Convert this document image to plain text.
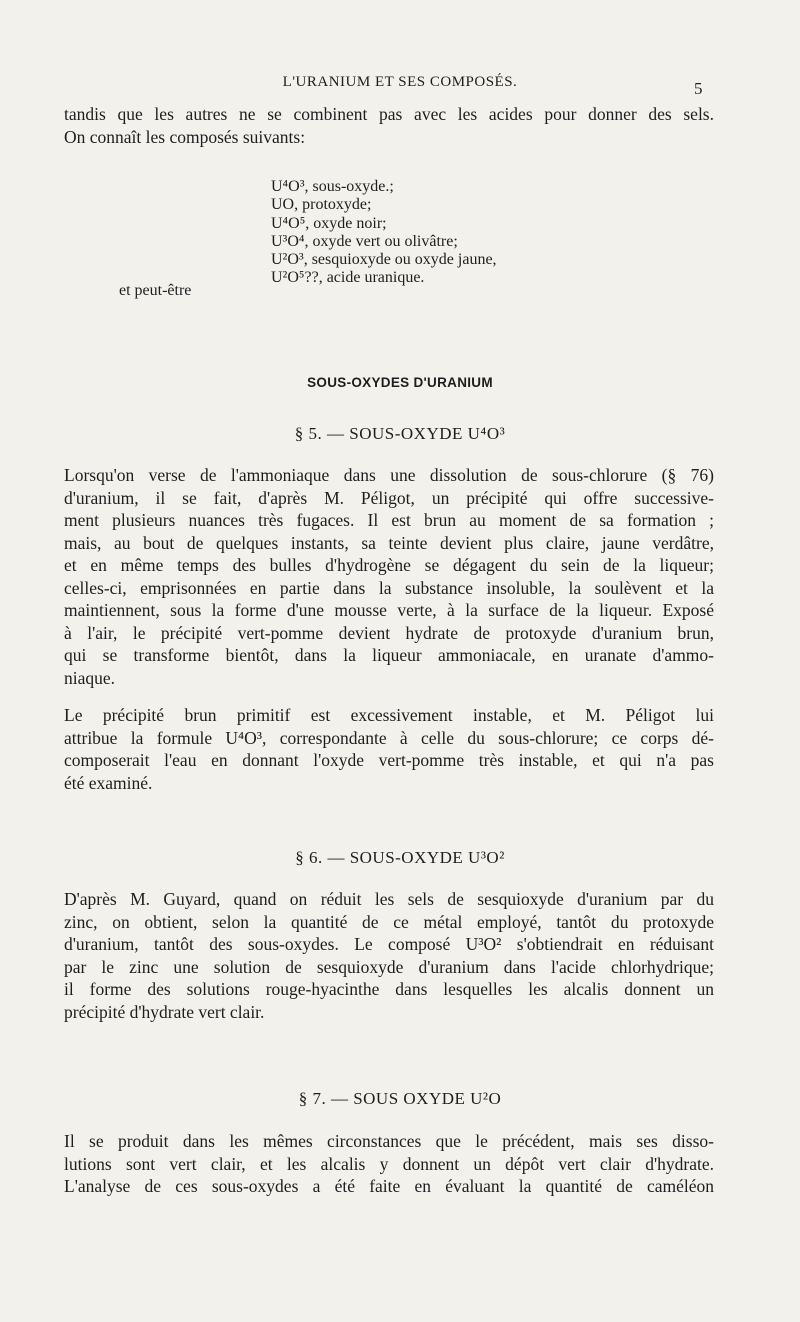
L'URANIUM ET SES COMPOSÉS.	5
tandis que les autres ne se combinent pas avec les acides pour donner des sels.
On connaît les composés suivants:
U⁴O³, sous-oxyde.;
UO, protoxyde;
U⁴O⁵, oxyde noir;
U³O⁴, oxyde vert ou olivâtre;
U²O³, sesquioxyde ou oxyde jaune,
U²O⁵??, acide uranique.
et peut-être
SOUS-OXYDES D'URANIUM
§ 5. — SOUS-OXYDE U⁴O³
Lorsqu'on verse de l'ammoniaque dans une dissolution de sous-chlorure (§ 76)
d'uranium, il se fait, d'après M. Péligot, un précipité qui offre successive-
ment plusieurs nuances très fugaces. Il est brun au moment de sa formation ;
mais, au bout de quelques instants, sa teinte devient plus claire, jaune verdâtre,
et en même temps des bulles d'hydrogène se dégagent du sein de la liqueur;
celles-ci, emprisonnées en partie dans la substance insoluble, la soulèvent et la
maintiennent, sous la forme d'une mousse verte, à la surface de la liqueur. Exposé
à l'air, le précipité vert-pomme devient hydrate de protoxyde d'uranium brun,
qui se transforme bientôt, dans la liqueur ammoniacale, en uranate d'ammo-
niaque.
Le précipité brun primitif est excessivement instable, et M. Péligot lui
attribue la formule U⁴O³, correspondante à celle du sous-chlorure; ce corps dé-
composerait l'eau en donnant l'oxyde vert-pomme très instable, et qui n'a pas
été examiné.
§ 6. — SOUS-OXYDE U³O²
D'après M. Guyard, quand on réduit les sels de sesquioxyde d'uranium par du
zinc, on obtient, selon la quantité de ce métal employé, tantôt du protoxyde
d'uranium, tantôt des sous-oxydes. Le composé U³O² s'obtiendrait en réduisant
par le zinc une solution de sesquioxyde d'uranium dans l'acide chlorhydrique;
il forme des solutions rouge-hyacinthe dans lesquelles les alcalis donnent un
précipité d'hydrate vert clair.
§ 7. — SOUS OXYDE U²O
Il se produit dans les mêmes circonstances que le précédent, mais ses disso-
lutions sont vert clair, et les alcalis y donnent un dépôt vert clair d'hydrate.
L'analyse de ces sous-oxydes a été faite en évaluant la quantité de caméléon
